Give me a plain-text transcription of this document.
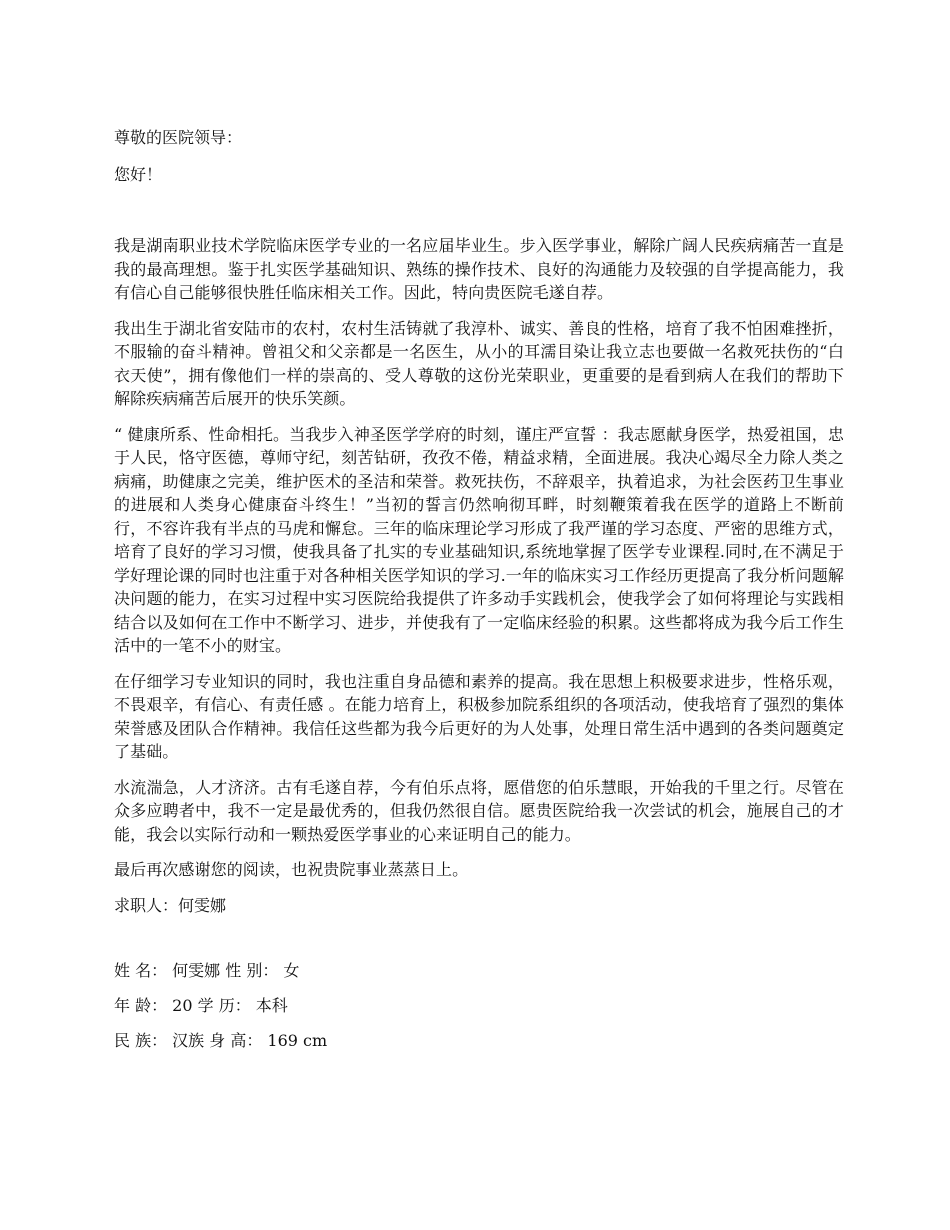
尊敬的医院领导：

您好！

我是湖南职业技术学院临床医学专业的一名应届毕业生。步入医学事业，解除广阔人民疾病痛苦一直是我的最高理想。鉴于扎实医学基础知识、熟练的操作技术、良好的沟通能力及较强的自学提高能力，我有信心自己能够很快胜任临床相关工作。因此，特向贵医院毛遂自荐。

我出生于湖北省安陆市的农村，农村生活铸就了我淳朴、诚实、善良的性格，培育了我不怕困难挫折，不服输的奋斗精神。曾祖父和父亲都是一名医生，从小的耳濡目染让我立志也要做一名救死扶伤的“白衣天使”，拥有像他们一样的崇高的、受人尊敬的这份光荣职业，更重要的是看到病人在我们的帮助下解除疾病痛苦后展开的快乐笑颜。

“ 健康所系、性命相托。当我步入神圣医学学府的时刻，谨庄严宣誓 ：我志愿献身医学，热爱祖国，忠于人民，恪守医德，尊师守纪，刻苦钻研，孜孜不倦，精益求精，全面进展。我决心竭尽全力除人类之病痛，助健康之完美，维护医术的圣洁和荣誉。救死扶伤，不辞艰辛，执着追求，为社会医药卫生事业的进展和人类身心健康奋斗终生！”当初的誓言仍然响彻耳畔，时刻鞭策着我在医学的道路上不断前行，不容许我有半点的马虎和懈怠。三年的临床理论学习形成了我严谨的学习态度、严密的思维方式，培育了良好的学习习惯，使我具备了扎实的专业基础知识,系统地掌握了医学专业课程.同时,在不满足于学好理论课的同时也注重于对各种相关医学知识的学习.一年的临床实习工作经历更提高了我分析问题解决问题的能力，在实习过程中实习医院给我提供了许多动手实践机会，使我学会了如何将理论与实践相结合以及如何在工作中不断学习、进步，并使我有了一定临床经验的积累。这些都将成为我今后工作生活中的一笔不小的财宝。

在仔细学习专业知识的同时，我也注重自身品德和素养的提高。我在思想上积极要求进步，性格乐观，不畏艰辛，有信心、有责任感 。在能力培育上，积极参加院系组织的各项活动，使我培育了强烈的集体荣誉感及团队合作精神。我信任这些都为我今后更好的为人处事，处理日常生活中遇到的各类问题奠定了基础。

水流湍急，人才济济。古有毛遂自荐，今有伯乐点将，愿借您的伯乐慧眼，开始我的千里之行。尽管在众多应聘者中，我不一定是最优秀的，但我仍然很自信。愿贵医院给我一次尝试的机会，施展自己的才能，我会以实际行动和一颗热爱医学事业的心来证明自己的能力。

最后再次感谢您的阅读，也祝贵院事业蒸蒸日上。

求职人：何雯娜

姓 名： 何雯娜 性 别： 女

年 龄： 20 学 历： 本科

民 族： 汉族 身 高： 169 cm
